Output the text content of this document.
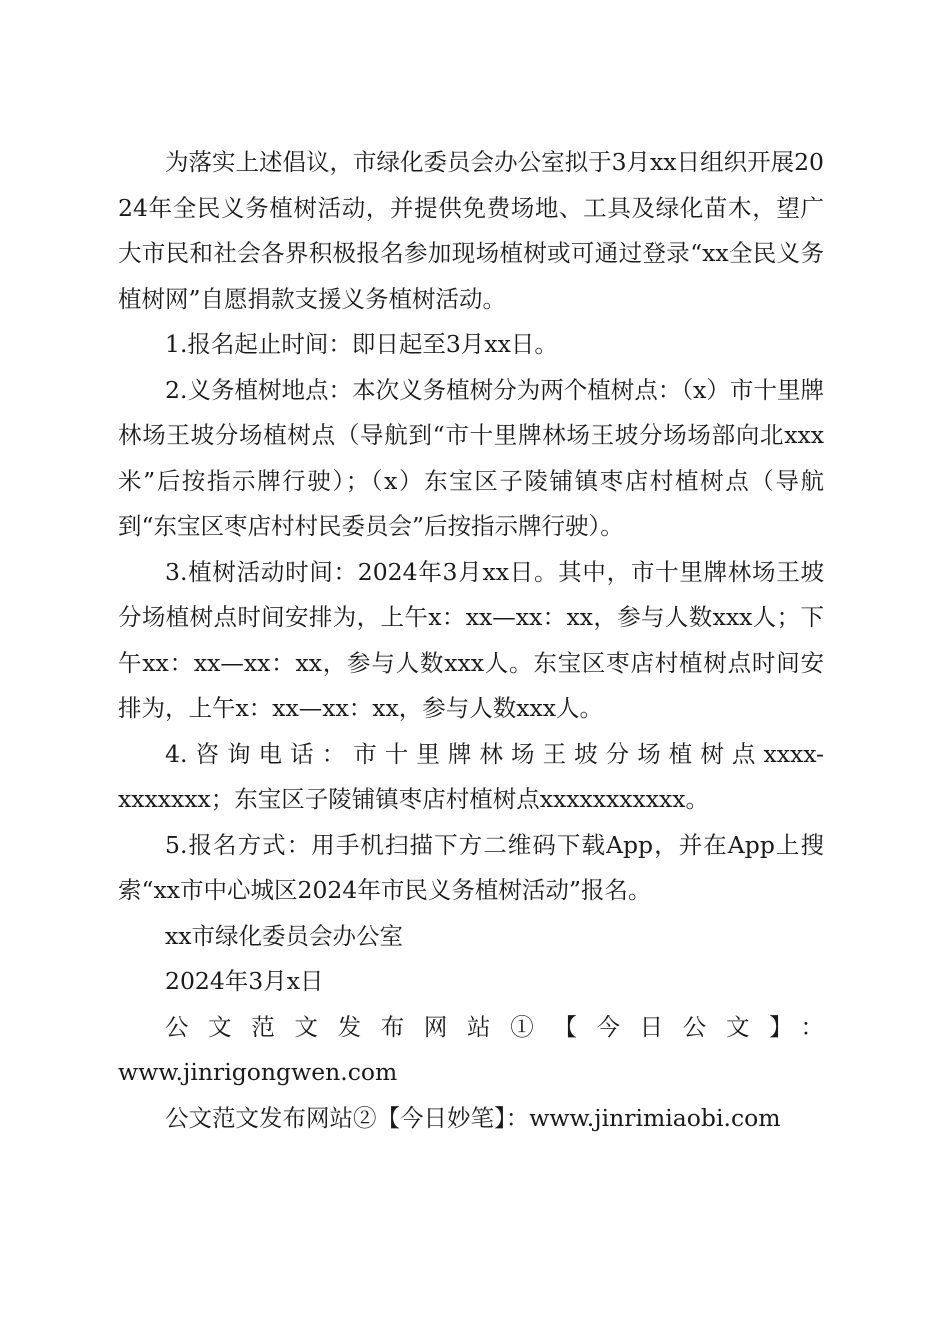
为落实上述倡议，市绿化委员会办公室拟于3月xx日组织开展2024年全民义务植树活动，并提供免费场地、工具及绿化苗木，望广大市民和社会各界积极报名参加现场植树或可通过登录“xx全民义务植树网”自愿捐款支援义务植树活动。

1.报名起止时间：即日起至3月xx日。

2.义务植树地点：本次义务植树分为两个植树点：（x）市十里牌林场王坡分场植树点（导航到“市十里牌林场王坡分场场部向北xxx米”后按指示牌行驶）；（x）东宝区子陵铺镇枣店村植树点（导航到“东宝区枣店村村民委员会”后按指示牌行驶）。

3.植树活动时间：2024年3月xx日。其中，市十里牌林场王坡分场植树点时间安排为，上午x：xx—xx：xx，参与人数xxx人；下午xx：xx—xx：xx，参与人数xxx人。东宝区枣店村植树点时间安排为，上午x：xx—xx：xx，参与人数xxx人。

4.咨询电话：市十里牌林场王坡分场植树点xxxx-
xxxxxxx；东宝区子陵铺镇枣店村植树点xxxxxxxxxxx。

5.报名方式：用手机扫描下方二维码下载App，并在App上搜索“xx市中心城区2024年市民义务植树活动”报名。

xx市绿化委员会办公室

2024年3月x日

公文范文发布网站①【今日公文】：
www.jinrigongwen.com

公文范文发布网站②【今日妙笔】：www.jinrimiaobi.com
